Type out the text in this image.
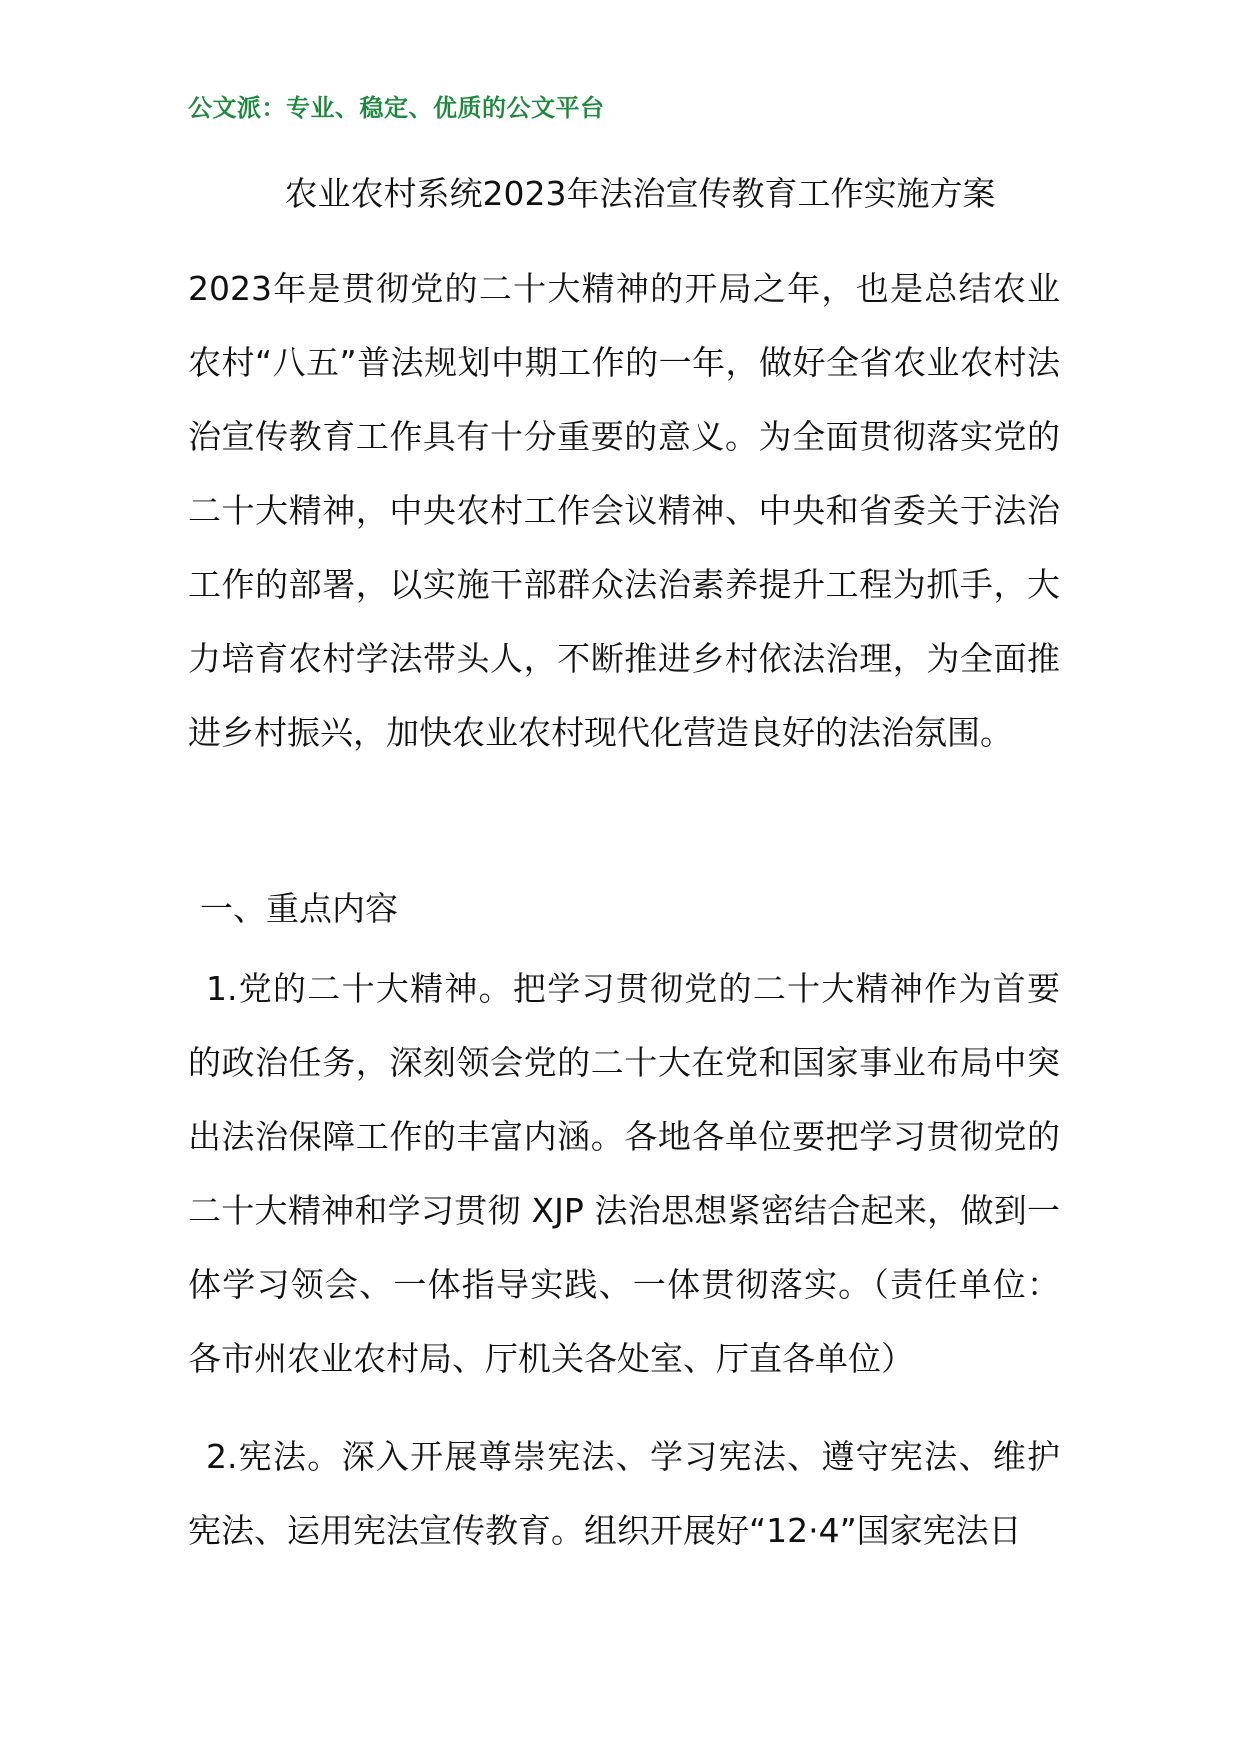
公文派：专业、稳定、优质的公文平台
农业农村系统2023年法治宣传教育工作实施方案

2023年是贯彻党的二十大精神的开局之年，也是总结农业农村“八五”普法规划中期工作的一年，做好全省农业农村法治宣传教育工作具有十分重要的意义。为全面贯彻落实党的二十大精神，中央农村工作会议精神、中央和省委关于法治工作的部署，以实施干部群众法治素养提升工程为抓手，大力培育农村学法带头人，不断推进乡村依法治理，为全面推进乡村振兴，加快农业农村现代化营造良好的法治氛围。

一、重点内容

1.党的二十大精神。把学习贯彻党的二十大精神作为首要的政治任务，深刻领会党的二十大在党和国家事业布局中突出法治保障工作的丰富内涵。各地各单位要把学习贯彻党的二十大精神和学习贯彻 XJP 法治思想紧密结合起来，做到一体学习领会、一体指导实践、一体贯彻落实。（责任单位：各市州农业农村局、厅机关各处室、厅直各单位）

2.宪法。深入开展尊崇宪法、学习宪法、遵守宪法、维护宪法、运用宪法宣传教育。组织开展好“12·4”国家宪法日
